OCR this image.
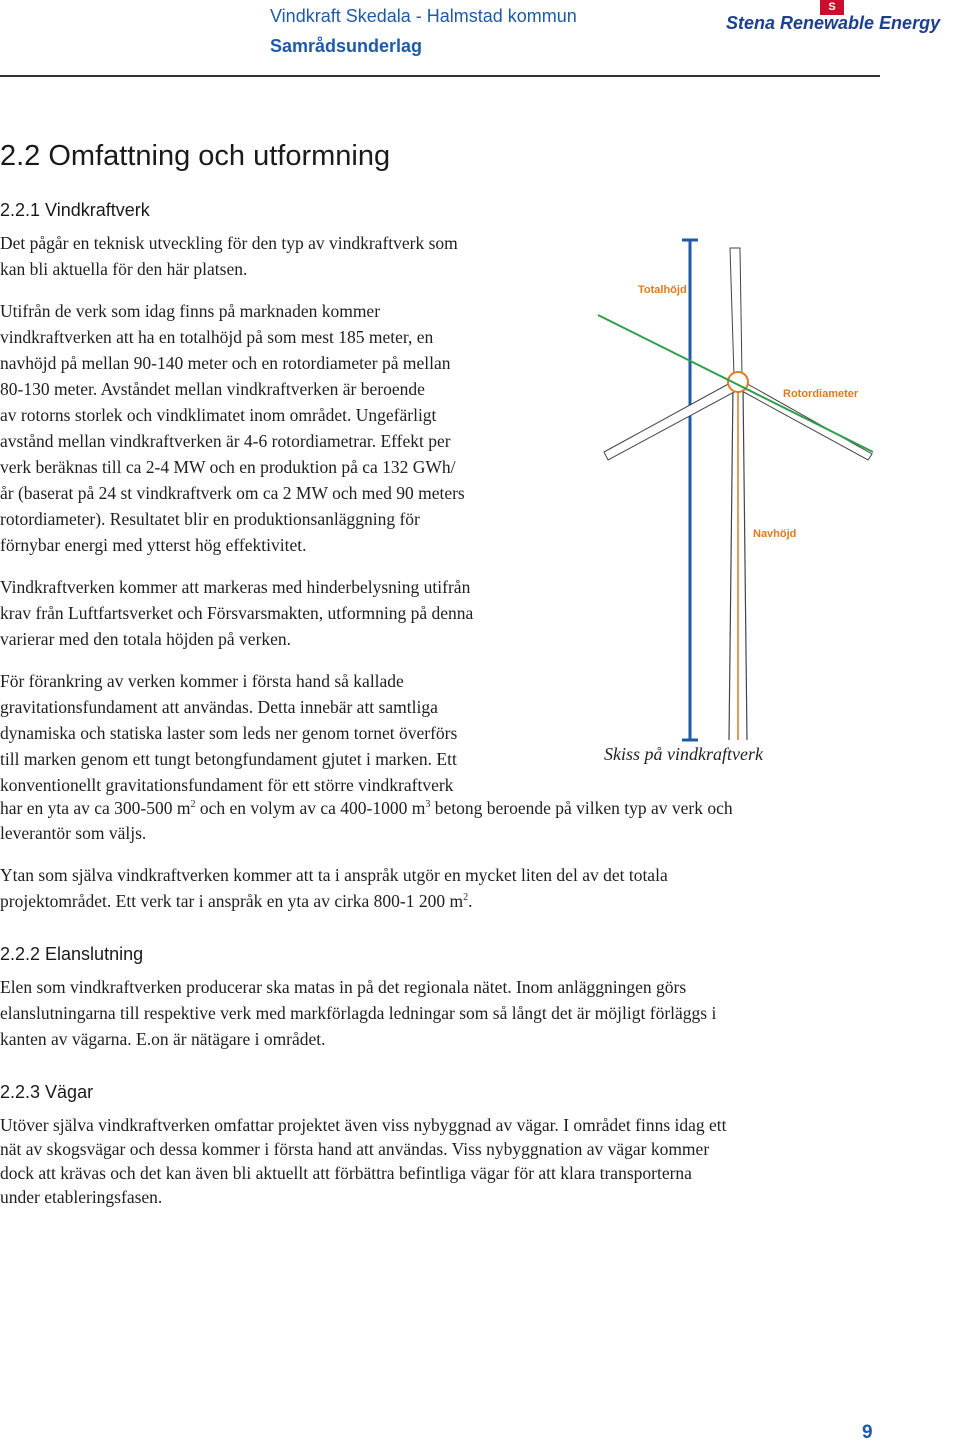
Vindkraft Skedala - Halmstad kommun
Samrådsunderlag
S
Stena Renewable Energy
2.2 Omfattning och utformning
2.2.1 Vindkraftverk
Det pågår en teknisk utveckling för den typ av vindkraftverk som
kan bli aktuella för den här platsen.
Utifrån de verk som idag finns på marknaden kommer
vindkraftverken att ha en totalhöjd på som mest 185 meter, en
navhöjd på mellan 90-140 meter och en rotordiameter på mellan
80-130 meter. Avståndet mellan vindkraftverken är beroende
av rotorns storlek och vindklimatet inom området. Ungefärligt
avstånd mellan vindkraftverken är 4-6 rotordiametrar. Effekt per
verk beräknas till ca 2-4 MW och en produktion på ca 132 GWh/
år (baserat på 24 st vindkraftverk om ca 2 MW och med 90 meters
rotordiameter). Resultatet blir en produktionsanläggning för
förnybar energi med ytterst hög effektivitet.
Vindkraftverken kommer att markeras med hinderbelysning utifrån
krav från Luftfartsverket och Försvarsmakten, utformning på denna
varierar med den totala höjden på verken.
För förankring av verken kommer i första hand så kallade
gravitationsfundament att användas. Detta innebär att samtliga
dynamiska och statiska laster som leds ner genom tornet överförs
till marken genom ett tungt betongfundament gjutet i marken. Ett
konventionellt gravitationsfundament för ett större vindkraftverk
har en yta av ca 300-500 $m^2$ och en volym av ca 400-1000 $m^3$ betong beroende på vilken typ av verk och
leverantör som väljs.
Ytan som själva vindkraftverken kommer att ta i anspråk utgör en mycket liten del av det totala
projektområdet. Ett verk tar i anspråk en yta av cirka 800-1 200 $m^2$.
Totalhöjd
Rotordiameter
Navhöjd
Skiss på vindkraftverk
2.2.2 Elanslutning
Elen som vindkraftverken producerar ska matas in på det regionala nätet. Inom anläggningen görs
elanslutningarna till respektive verk med markförlagda ledningar som så långt det är möjligt förläggs i
kanten av vägarna. E.on är nätägare i området.
2.2.3 Vägar
Utöver själva vindkraftverken omfattar projektet även viss nybyggnad av vägar. I området finns idag ett
nät av skogsvägar och dessa kommer i första hand att användas. Viss nybyggnation av vägar kommer
dock att krävas och det kan även bli aktuellt att förbättra befintliga vägar för att klara transporterna
under etableringsfasen.
9
